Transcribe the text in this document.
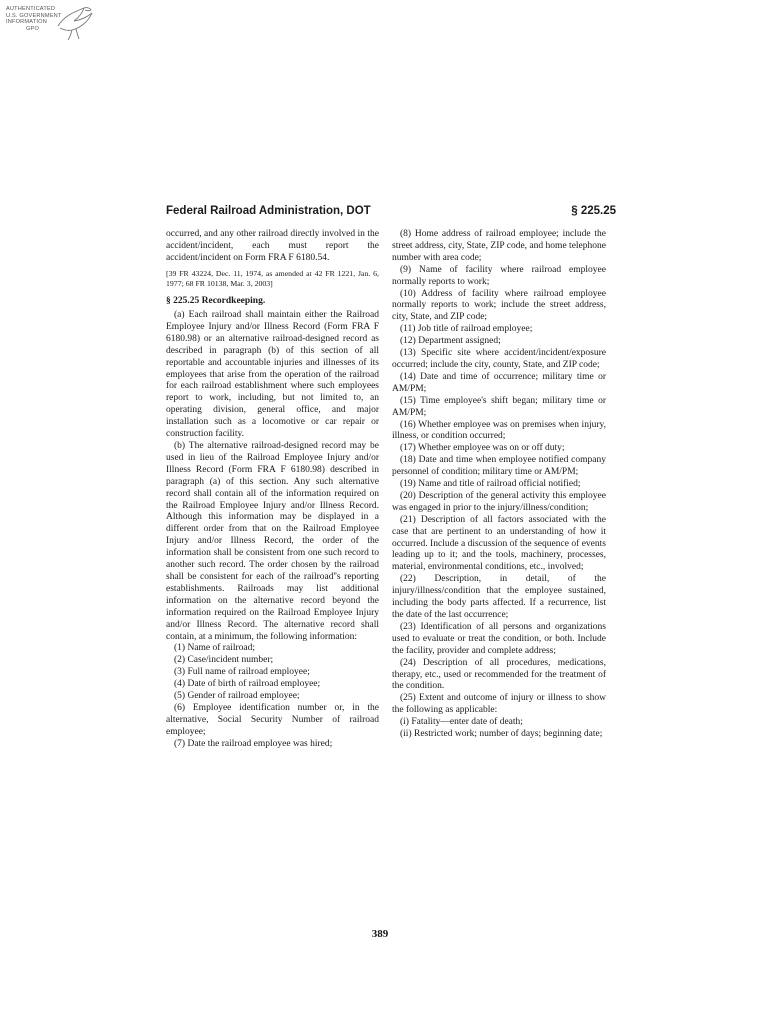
AUTHENTICATED
U.S. GOVERNMENT
INFORMATION
GPO
Federal Railroad Administration, DOT	§ 225.25

occurred, and any other railroad directly involved in the accident/incident, each must report the accident/incident on Form FRA F 6180.54.

[39 FR 43224, Dec. 11, 1974, as amended at 42 FR 1221, Jan. 6, 1977; 68 FR 10138, Mar. 3, 2003]

§ 225.25 Recordkeeping.

(a) Each railroad shall maintain either the Railroad Employee Injury and/or Illness Record (Form FRA F 6180.98) or an alternative railroad-designed record as described in paragraph (b) of this section of all reportable and accountable injuries and illnesses of its employees that arise from the operation of the railroad for each railroad establishment where such employees report to work, including, but not limited to, an operating division, general office, and major installation such as a locomotive or car repair or construction facility.

(b) The alternative railroad-designed record may be used in lieu of the Railroad Employee Injury and/or Illness Record (Form FRA F 6180.98) described in paragraph (a) of this section. Any such alternative record shall contain all of the information required on the Railroad Employee Injury and/or Illness Record. Although this information may be displayed in a different order from that on the Railroad Employee Injury and/or Illness Record, the order of the information shall be consistent from one such record to another such record. The order chosen by the railroad shall be consistent for each of the railroad''s reporting establishments. Railroads may list additional information on the alternative record beyond the information required on the Railroad Employee Injury and/or Illness Record. The alternative record shall contain, at a minimum, the following information:

(1) Name of railroad;

(2) Case/incident number;

(3) Full name of railroad employee;

(4) Date of birth of railroad employee;

(5) Gender of railroad employee;

(6) Employee identification number or, in the alternative, Social Security Number of railroad employee;

(7) Date the railroad employee was hired;

(8) Home address of railroad employee; include the street address, city, State, ZIP code, and home telephone number with area code;

(9) Name of facility where railroad employee normally reports to work;

(10) Address of facility where railroad employee normally reports to work; include the street address, city, State, and ZIP code;

(11) Job title of railroad employee;

(12) Department assigned;

(13) Specific site where accident/incident/exposure occurred; include the city, county, State, and ZIP code;

(14) Date and time of occurrence; military time or AM/PM;

(15) Time employee's shift began; military time or AM/PM;

(16) Whether employee was on premises when injury, illness, or condition occurred;

(17) Whether employee was on or off duty;

(18) Date and time when employee notified company personnel of condition; military time or AM/PM;

(19) Name and title of railroad official notified;

(20) Description of the general activity this employee was engaged in prior to the injury/illness/condition;

(21) Description of all factors associated with the case that are pertinent to an understanding of how it occurred. Include a discussion of the sequence of events leading up to it; and the tools, machinery, processes, material, environmental conditions, etc., involved;

(22) Description, in detail, of the injury/illness/condition that the employee sustained, including the body parts affected. If a recurrence, list the date of the last occurrence;

(23) Identification of all persons and organizations used to evaluate or treat the condition, or both. Include the facility, provider and complete address;

(24) Description of all procedures, medications, therapy, etc., used or recommended for the treatment of the condition.

(25) Extent and outcome of injury or illness to show the following as applicable:

(i) Fatality—enter date of death;

(ii) Restricted work; number of days; beginning date;

389
